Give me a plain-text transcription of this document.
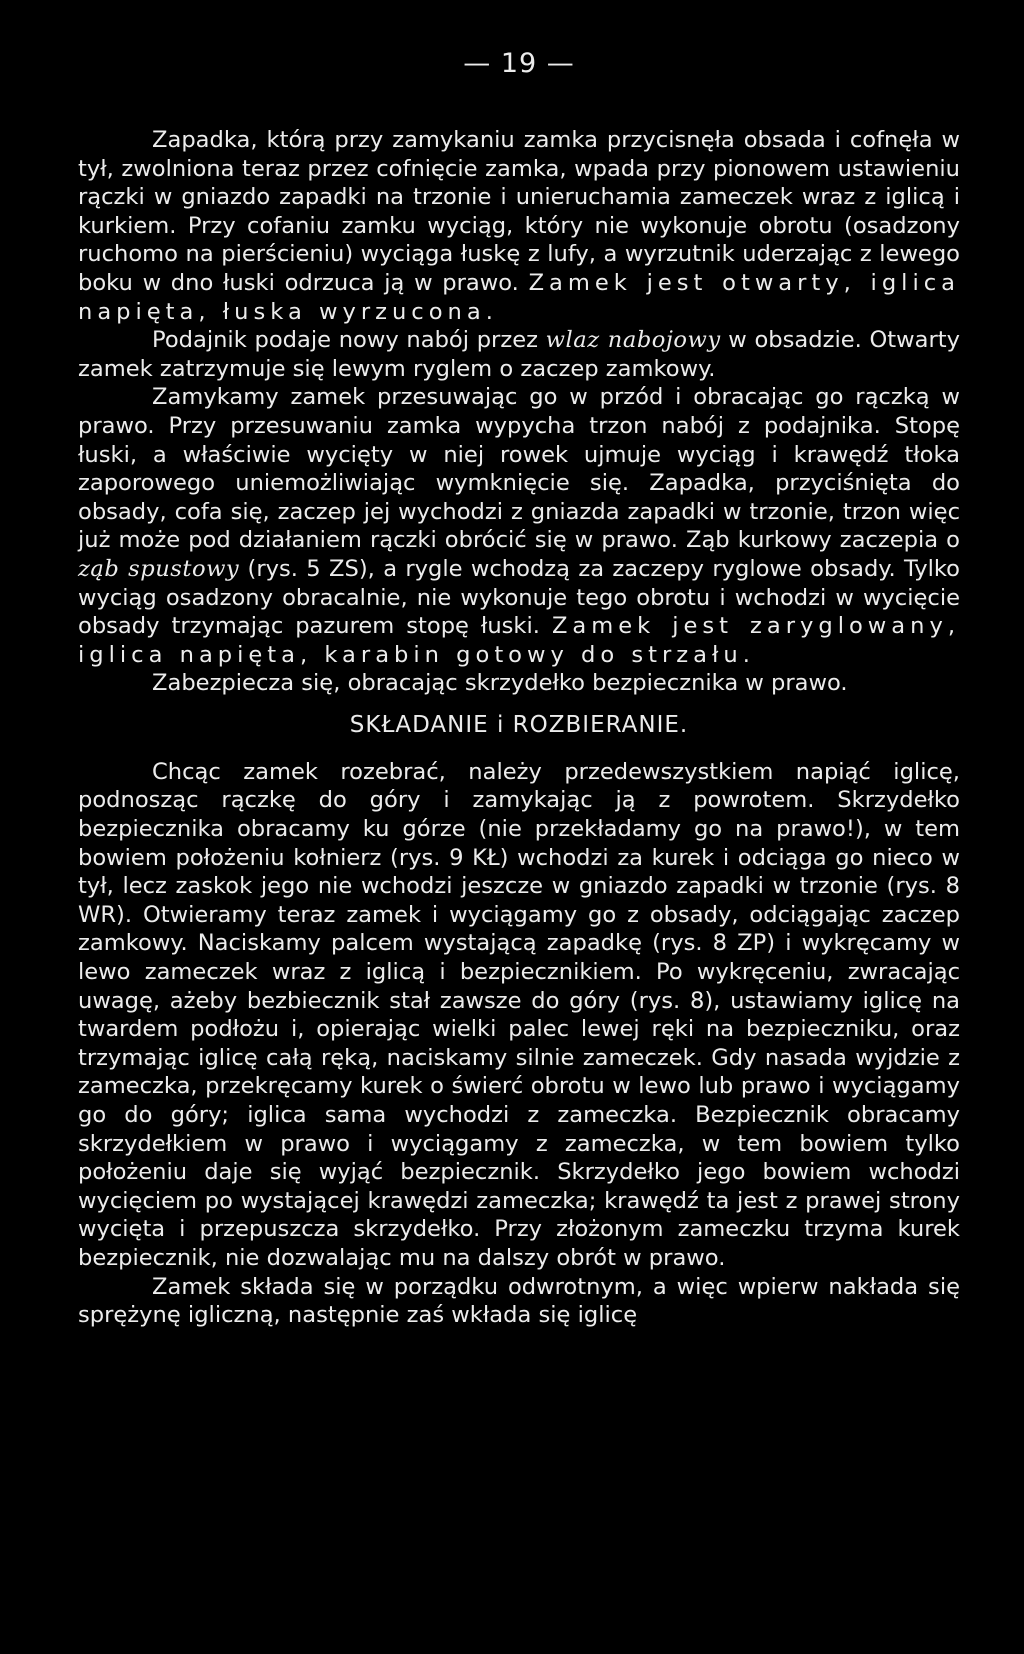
— 19 —

Zapadka, którą przy zamykaniu zamka przycisnęła obsada i cofnęła w tył, zwolniona teraz przez cofnięcie zamka, wpada przy pionowem ustawieniu rączki w gniazdo zapadki na trzonie i unieruchamia zameczek wraz z iglicą i kurkiem. Przy cofaniu zamku wyciąg, który nie wykonuje obrotu (osadzony ruchomo na pierścieniu) wyciąga łuskę z lufy, a wyrzutnik uderzając z lewego boku w dno łuski odrzuca ją w prawo. Zamek jest otwarty, iglica napięta, łuska wyrzucona.

Podajnik podaje nowy nabój przez wlaz nabojowy w obsadzie. Otwarty zamek zatrzymuje się lewym ryglem o zaczep zamkowy.

Zamykamy zamek przesuwając go w przód i obracając go rączką w prawo. Przy przesuwaniu zamka wypycha trzon nabój z podajnika. Stopę łuski, a właściwie wycięty w niej rowek ujmuje wyciąg i krawędź tłoka zaporowego uniemożliwiając wymknięcie się. Zapadka, przyciśnięta do obsady, cofa się, zaczep jej wychodzi z gniazda zapadki w trzonie, trzon więc już może pod działaniem rączki obrócić się w prawo. Ząb kurkowy zaczepia o ząb spustowy (rys. 5 ZS), a rygle wchodzą za zaczepy ryglowe obsady. Tylko wyciąg osadzony obracalnie, nie wykonuje tego obrotu i wchodzi w wycięcie obsady trzymając pazurem stopę łuski. Zamek jest zaryglowany, iglica napięta, karabin gotowy do strzału.

Zabezpiecza się, obracając skrzydełko bezpiecznika w prawo.

SKŁADANIE i ROZBIERANIE.

Chcąc zamek rozebrać, należy przedewszystkiem napiąć iglicę, podnosząc rączkę do góry i zamykając ją z powrotem. Skrzydełko bezpiecznika obracamy ku górze (nie przekładamy go na prawo!), w tem bowiem położeniu kołnierz (rys. 9 KŁ) wchodzi za kurek i odciąga go nieco w tył, lecz zaskok jego nie wchodzi jeszcze w gniazdo zapadki w trzonie (rys. 8 WR). Otwieramy teraz zamek i wyciągamy go z obsady, odciągając zaczep zamkowy. Naciskamy palcem wystającą zapadkę (rys. 8 ZP) i wykręcamy w lewo zameczek wraz z iglicą i bezpiecznikiem. Po wykręceniu, zwracając uwagę, ażeby bezbiecznik stał zawsze do góry (rys. 8), ustawiamy iglicę na twardem podłożu i, opierając wielki palec lewej ręki na bezpieczniku, oraz trzymając iglicę całą ręką, naciskamy silnie zameczek. Gdy nasada wyjdzie z zameczka, przekręcamy kurek o świerć obrotu w lewo lub prawo i wyciągamy go do góry; iglica sama wychodzi z zameczka. Bezpiecznik obracamy skrzydełkiem w prawo i wyciągamy z zameczka, w tem bowiem tylko położeniu daje się wyjąć bezpiecznik. Skrzydełko jego bowiem wchodzi wycięciem po wystającej krawędzi zameczka; krawędź ta jest z prawej strony wycięta i przepuszcza skrzydełko. Przy złożonym zameczku trzyma kurek bezpiecznik, nie dozwalając mu na dalszy obrót w prawo.

Zamek składa się w porządku odwrotnym, a więc wpierw nakłada się sprężynę igliczną, następnie zaś wkłada się iglicę
